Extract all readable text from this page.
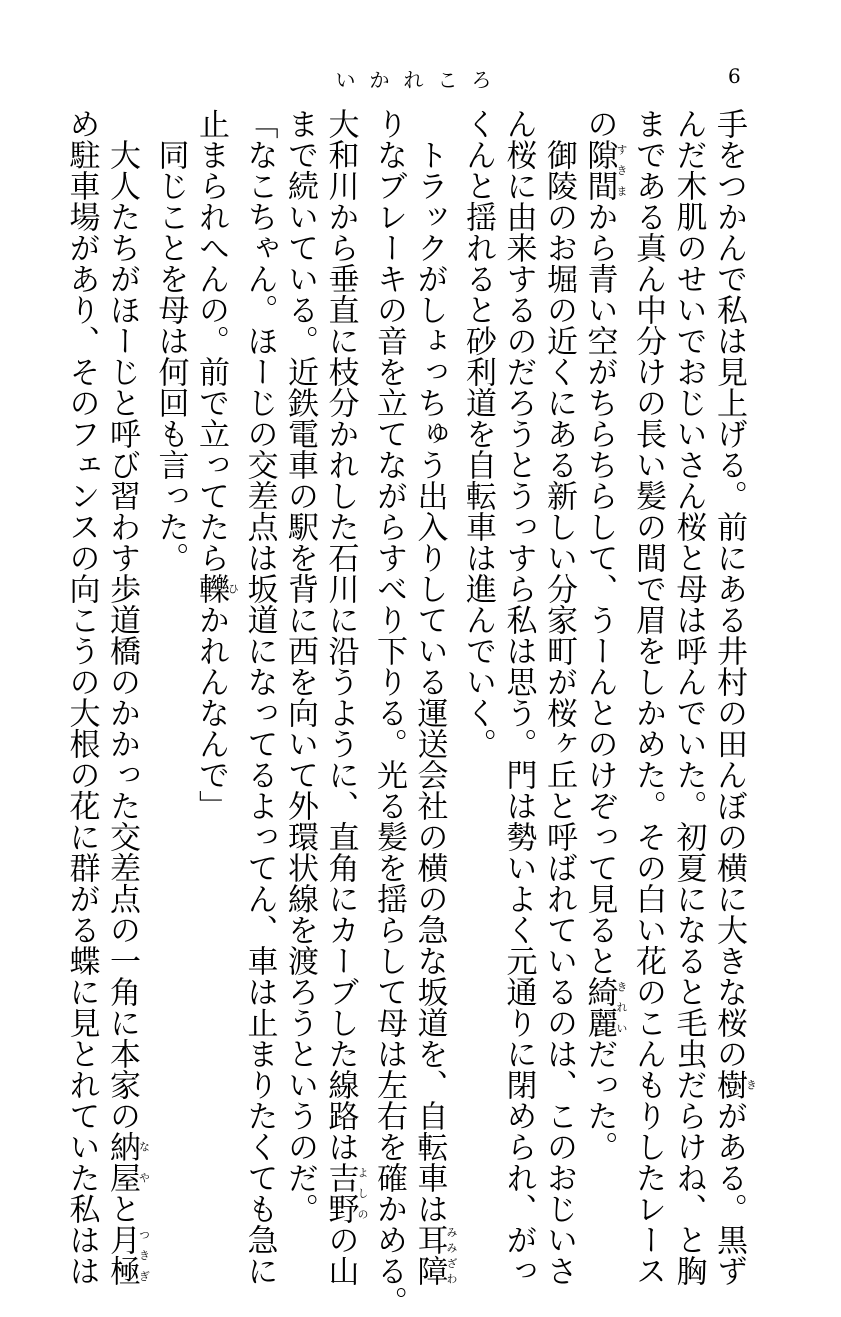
いかれころ	6
手をつかんで私は見上げる。前にある井村の田んぼの横に大きな桜の樹きがある。黒ず
んだ木肌のせいでおじいさん桜と母は呼んでいた。初夏になると毛虫だらけね、と胸
まである真ん中分けの長い髪の間で眉をしかめた。その白い花のこんもりしたレース
の隙間すきまから青い空がちらちらして、うーんとのけぞって見ると綺麗きれいだった。
　御陵のお堀の近くにある新しい分家町が桜ヶ丘と呼ばれているのは、このおじいさ
ん桜に由来するのだろうとうっすら私は思う。門は勢いよく元通りに閉められ、がっ
くんと揺れると砂利道を自転車は進んでいく。
　トラックがしょっちゅう出入りしている運送会社の横の急な坂道を、自転車は耳障みみざわ
りなブレーキの音を立てながらすべり下りる。光る髪を揺らして母は左右を確かめる。
大和川から垂直に枝分かれした石川に沿うように、直角にカーブした線路は吉野よしのの山
まで続いている。近鉄電車の駅を背に西を向いて外環状線を渡ろうというのだ。
「なこちゃん。ほーじの交差点は坂道になってるよってん、車は止まりたくても急に
止まられへんの。前で立ってたら轢ひかれんなんで」
　同じことを母は何回も言った。
　大人たちがほーじと呼び習わす歩道橋のかかった交差点の一角に本家の納屋なやと月極つきぎ
め駐車場があり、そのフェンスの向こうの大根の花に群がる蝶に見とれていた私はは
